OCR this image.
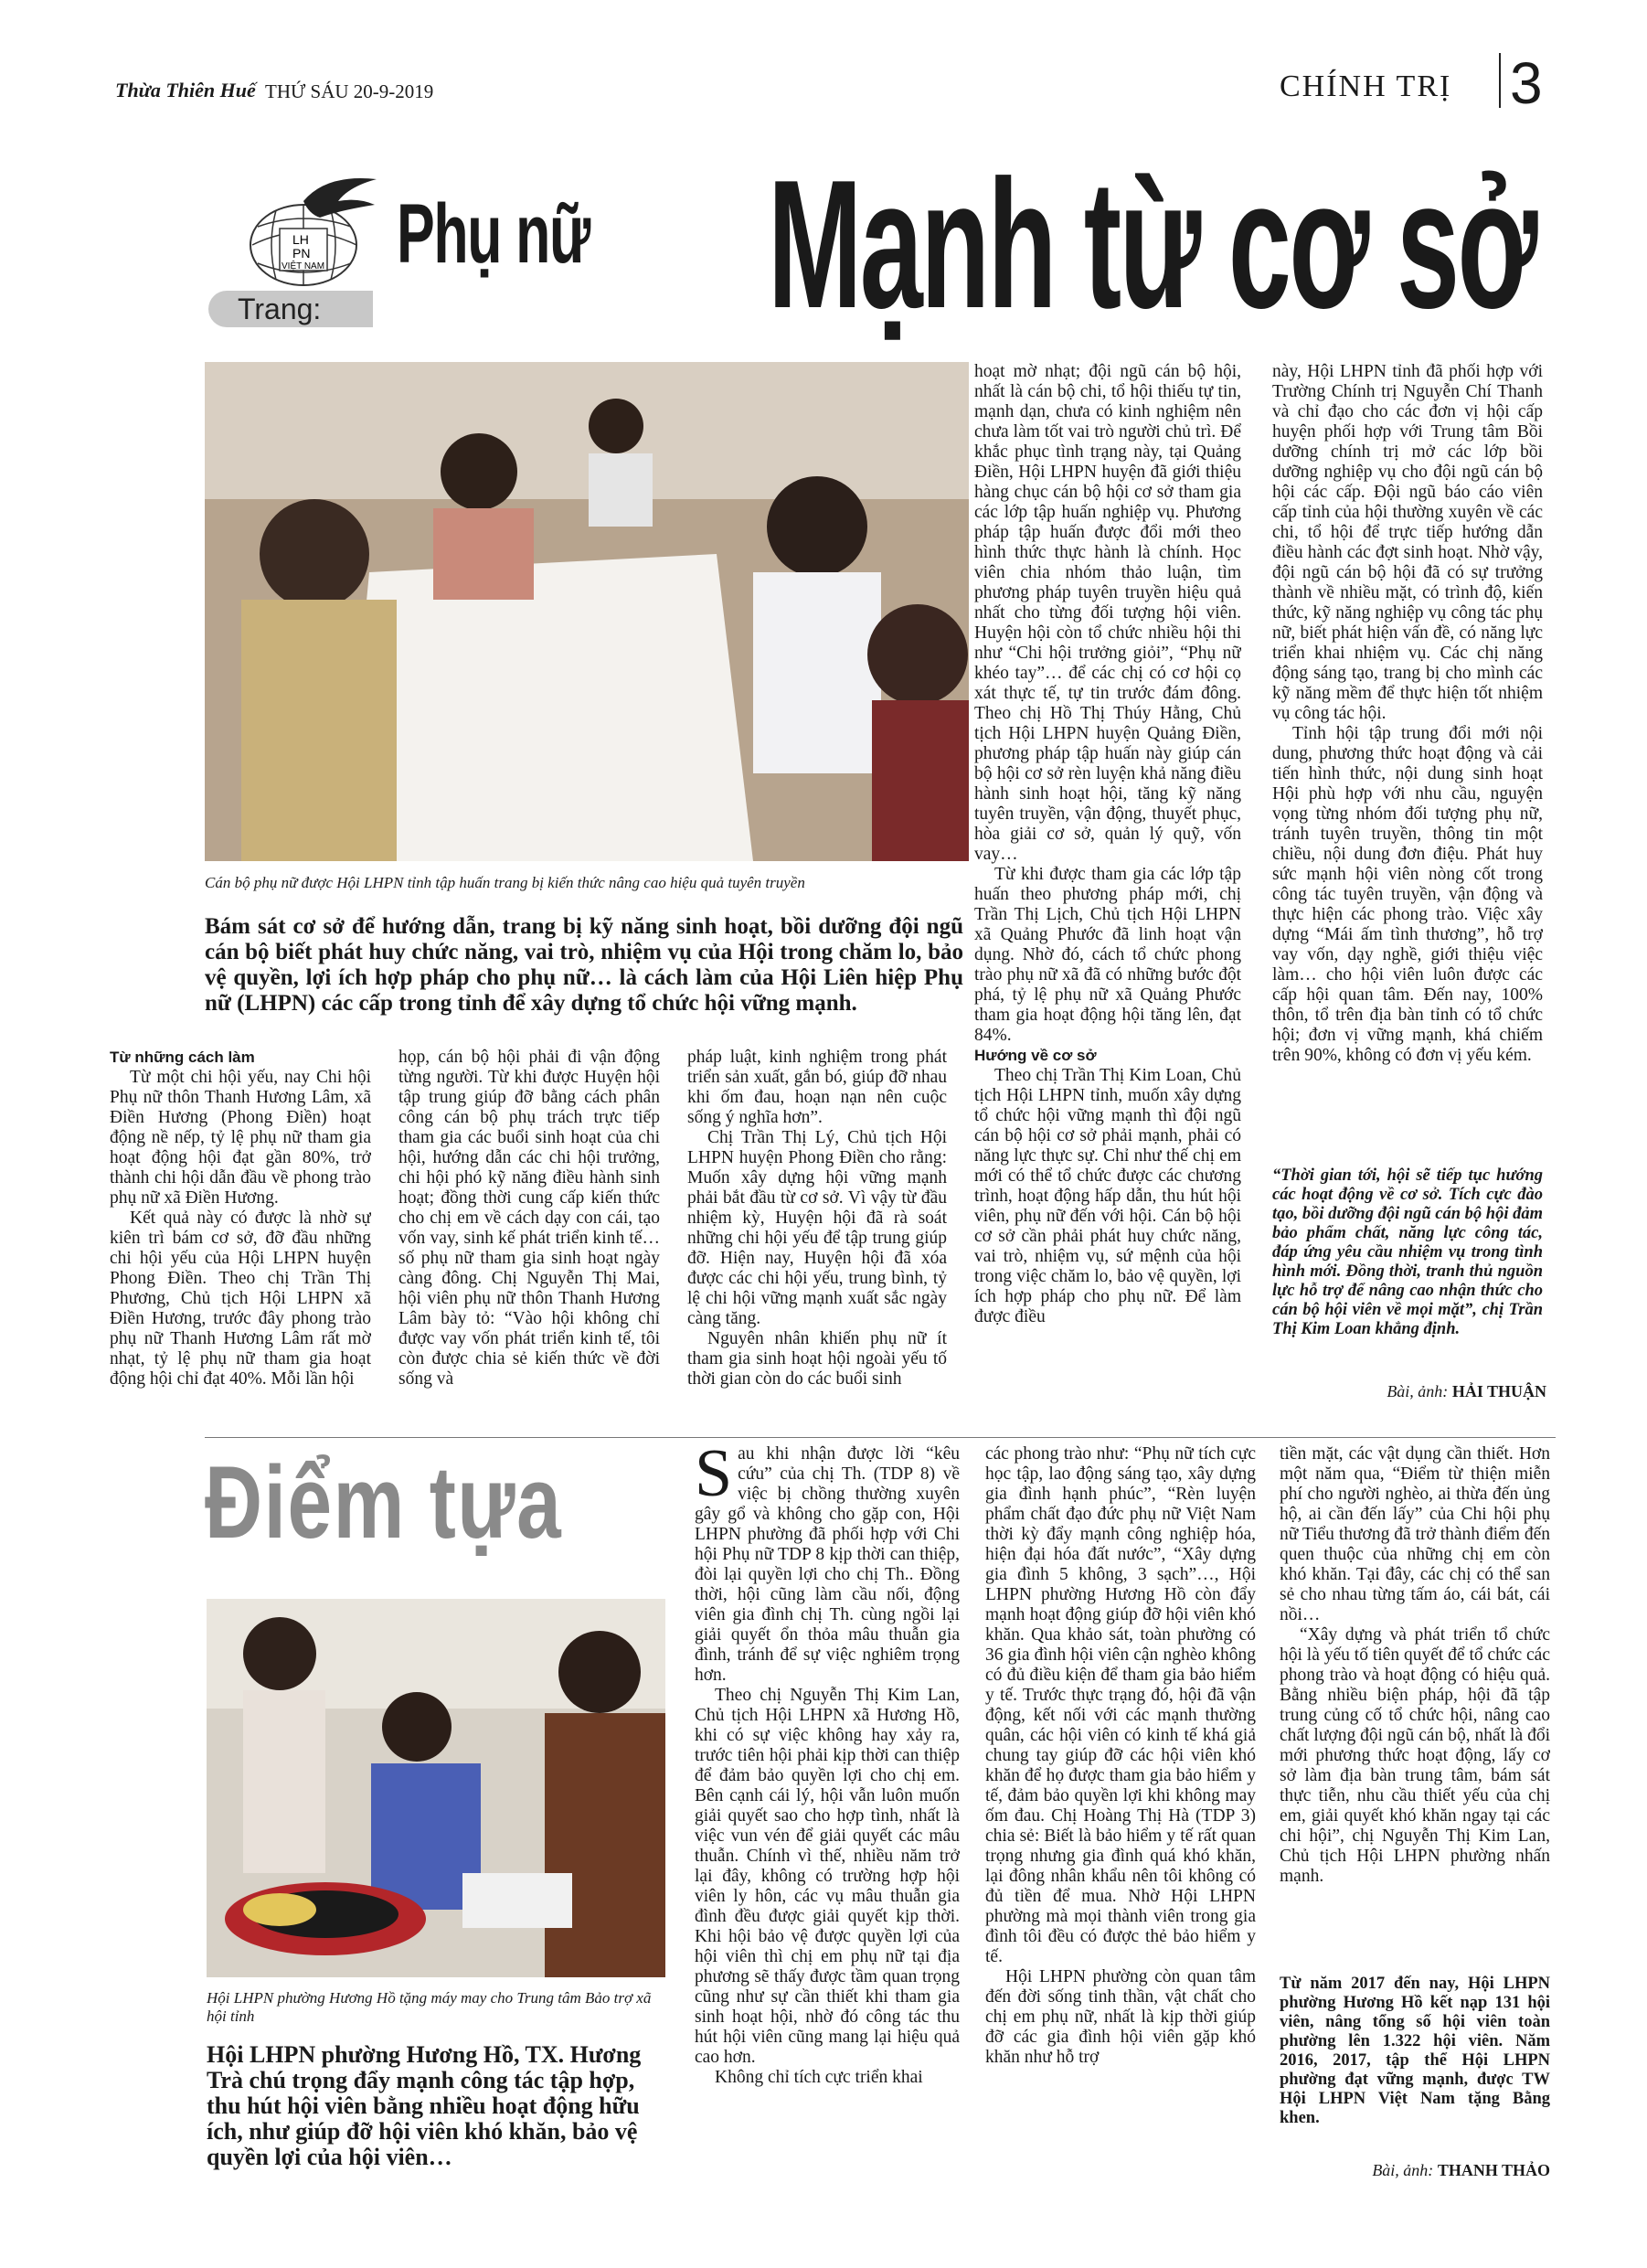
Thừa Thiên Huế THỨ SÁU 20-9-2019	CHÍNH TRỊ 3
LH
PN
VIỆT NAM
Trang:
Phụ nữ Mạnh từ cơ sở
Cán bộ phụ nữ được Hội LHPN tỉnh tập huấn trang bị kiến thức nâng cao hiệu quả tuyên truyền
Bám sát cơ sở để hướng dẫn, trang bị kỹ năng sinh hoạt, bồi dưỡng đội ngũ cán bộ biết phát huy chức năng, vai trò, nhiệm vụ của Hội trong chăm lo, bảo vệ quyền, lợi ích hợp pháp cho phụ nữ… là cách làm của Hội Liên hiệp Phụ nữ (LHPN) các cấp trong tỉnh để xây dựng tổ chức hội vững mạnh.

Từ những cách làm

Từ một chi hội yếu, nay Chi hội Phụ nữ thôn Thanh Hương Lâm, xã Điền Hương (Phong Điền) hoạt động nề nếp, tỷ lệ phụ nữ tham gia hoạt động hội đạt gần 80%, trở thành chi hội dẫn đầu về phong trào phụ nữ xã Điền Hương.

Kết quả này có được là nhờ sự kiên trì bám cơ sở, đỡ đầu những chi hội yếu của Hội LHPN huyện Phong Điền. Theo chị Trần Thị Phương, Chủ tịch Hội LHPN xã Điền Hương, trước đây phong trào phụ nữ Thanh Hương Lâm rất mờ nhạt, tỷ lệ phụ nữ tham gia hoạt động hội chỉ đạt 40%. Mỗi lần hội

họp, cán bộ hội phải đi vận động từng người. Từ khi được Huyện hội tập trung giúp đỡ bằng cách phân công cán bộ phụ trách trực tiếp tham gia các buổi sinh hoạt của chi hội, hướng dẫn các chi hội trưởng, chi hội phó kỹ năng điều hành sinh hoạt; đồng thời cung cấp kiến thức cho chị em về cách dạy con cái, tạo vốn vay, sinh kế phát triển kinh tế… số phụ nữ tham gia sinh hoạt ngày càng đông. Chị Nguyễn Thị Mai, hội viên phụ nữ thôn Thanh Hương Lâm bày tỏ: “Vào hội không chỉ được vay vốn phát triển kinh tế, tôi còn được chia sẻ kiến thức về đời sống và

pháp luật, kinh nghiệm trong phát triển sản xuất, gắn bó, giúp đỡ nhau khi ốm đau, hoạn nạn nên cuộc sống ý nghĩa hơn”.

Chị Trần Thị Lý, Chủ tịch Hội LHPN huyện Phong Điền cho rằng: Muốn xây dựng hội vững mạnh phải bắt đầu từ cơ sở. Vì vậy từ đầu nhiệm kỳ, Huyện hội đã rà soát những chi hội yếu để tập trung giúp đỡ. Hiện nay, Huyện hội đã xóa được các chi hội yếu, trung bình, tỷ lệ chi hội vững mạnh xuất sắc ngày càng tăng.

Nguyên nhân khiến phụ nữ ít tham gia sinh hoạt hội ngoài yếu tố thời gian còn do các buổi sinh

hoạt mờ nhạt; đội ngũ cán bộ hội, nhất là cán bộ chi, tổ hội thiếu tự tin, mạnh dạn, chưa có kinh nghiệm nên chưa làm tốt vai trò người chủ trì. Để khắc phục tình trạng này, tại Quảng Điền, Hội LHPN huyện đã giới thiệu hàng chục cán bộ hội cơ sở tham gia các lớp tập huấn nghiệp vụ. Phương pháp tập huấn được đổi mới theo hình thức thực hành là chính. Học viên chia nhóm thảo luận, tìm phương pháp tuyên truyền hiệu quả nhất cho từng đối tượng hội viên. Huyện hội còn tổ chức nhiều hội thi như “Chi hội trưởng giỏi”, “Phụ nữ khéo tay”… để các chị có cơ hội cọ xát thực tế, tự tin trước đám đông. Theo chị Hồ Thị Thúy Hằng, Chủ tịch Hội LHPN huyện Quảng Điền, phương pháp tập huấn này giúp cán bộ hội cơ sở rèn luyện khả năng điều hành sinh hoạt hội, tăng kỹ năng tuyên truyền, vận động, thuyết phục, hòa giải cơ sở, quản lý quỹ, vốn vay…

Từ khi được tham gia các lớp tập huấn theo phương pháp mới, chị Trần Thị Lịch, Chủ tịch Hội LHPN xã Quảng Phước đã linh hoạt vận dụng. Nhờ đó, cách tổ chức phong trào phụ nữ xã đã có những bước đột phá, tỷ lệ phụ nữ xã Quảng Phước tham gia hoạt động hội tăng lên, đạt 84%.

Hướng về cơ sở

Theo chị Trần Thị Kim Loan, Chủ tịch Hội LHPN tỉnh, muốn xây dựng tổ chức hội vững mạnh thì đội ngũ cán bộ hội cơ sở phải mạnh, phải có năng lực thực sự. Chỉ như thế chị em mới có thể tổ chức được các chương trình, hoạt động hấp dẫn, thu hút hội viên, phụ nữ đến với hội. Cán bộ hội cơ sở cần phải phát huy chức năng, vai trò, nhiệm vụ, sứ mệnh của hội trong việc chăm lo, bảo vệ quyền, lợi ích hợp pháp cho phụ nữ. Để làm được điều

này, Hội LHPN tỉnh đã phối hợp với Trường Chính trị Nguyễn Chí Thanh và chỉ đạo cho các đơn vị hội cấp huyện phối hợp với Trung tâm Bồi dưỡng chính trị mở các lớp bồi dưỡng nghiệp vụ cho đội ngũ cán bộ hội các cấp. Đội ngũ báo cáo viên cấp tỉnh của hội thường xuyên về các chi, tổ hội để trực tiếp hướng dẫn điều hành các đợt sinh hoạt. Nhờ vậy, đội ngũ cán bộ hội đã có sự trưởng thành về nhiều mặt, có trình độ, kiến thức, kỹ năng nghiệp vụ công tác phụ nữ, biết phát hiện vấn đề, có năng lực triển khai nhiệm vụ. Các chị năng động sáng tạo, trang bị cho mình các kỹ năng mềm để thực hiện tốt nhiệm vụ công tác hội.

Tỉnh hội tập trung đổi mới nội dung, phương thức hoạt động và cải tiến hình thức, nội dung sinh hoạt Hội phù hợp với nhu cầu, nguyện vọng từng nhóm đối tượng phụ nữ, tránh tuyên truyền, thông tin một chiều, nội dung đơn điệu. Phát huy sức mạnh hội viên nòng cốt trong công tác tuyên truyền, vận động và thực hiện các phong trào. Việc xây dựng “Mái ấm tình thương”, hỗ trợ vay vốn, dạy nghề, giới thiệu việc làm… cho hội viên luôn được các cấp hội quan tâm. Đến nay, 100% thôn, tổ trên địa bàn tỉnh có tổ chức hội; đơn vị vững mạnh, khá chiếm trên 90%, không có đơn vị yếu kém.

“Thời gian tới, hội sẽ tiếp tục hướng các hoạt động về cơ sở. Tích cực đào tạo, bồi dưỡng đội ngũ cán bộ hội đảm bảo phẩm chất, năng lực công tác, đáp ứng yêu cầu nhiệm vụ trong tình hình mới. Đồng thời, tranh thủ nguồn lực hỗ trợ để nâng cao nhận thức cho cán bộ hội viên về mọi mặt”, chị Trần Thị Kim Loan khẳng định.

Bài, ảnh: HẢI THUẬN
Điểm tựa
Hội LHPN phường Hương Hồ tặng máy may cho Trung tâm Bảo trợ xã hội tỉnh
Hội LHPN phường Hương Hồ, TX. Hương Trà chú trọng đẩy mạnh công tác tập hợp, thu hút hội viên bằng nhiều hoạt động hữu ích, như giúp đỡ hội viên khó khăn, bảo vệ quyền lợi của hội viên…

Sau khi nhận được lời “kêu cứu” của chị Th. (TDP 8) về việc bị chồng thường xuyên gây gổ và không cho gặp con, Hội LHPN phường đã phối hợp với Chi hội Phụ nữ TDP 8 kịp thời can thiệp, đòi lại quyền lợi cho chị Th.. Đồng thời, hội cũng làm cầu nối, động viên gia đình chị Th. cùng ngồi lại giải quyết ổn thỏa mâu thuẫn gia đình, tránh để sự việc nghiêm trọng hơn.

Theo chị Nguyễn Thị Kim Lan, Chủ tịch Hội LHPN xã Hương Hồ, khi có sự việc không hay xảy ra, trước tiên hội phải kịp thời can thiệp để đảm bảo quyền lợi cho chị em. Bên cạnh cái lý, hội vẫn luôn muốn giải quyết sao cho hợp tình, nhất là việc vun vén để giải quyết các mâu thuẫn. Chính vì thế, nhiều năm trở lại đây, không có trường hợp hội viên ly hôn, các vụ mâu thuẫn gia đình đều được giải quyết kịp thời. Khi hội bảo vệ được quyền lợi của hội viên thì chị em phụ nữ tại địa phương sẽ thấy được tầm quan trọng cũng như sự cần thiết khi tham gia sinh hoạt hội, nhờ đó công tác thu hút hội viên cũng mang lại hiệu quả cao hơn.

Không chỉ tích cực triển khai

các phong trào như: “Phụ nữ tích cực học tập, lao động sáng tạo, xây dựng gia đình hạnh phúc”, “Rèn luyện phẩm chất đạo đức phụ nữ Việt Nam thời kỳ đẩy mạnh công nghiệp hóa, hiện đại hóa đất nước”, “Xây dựng gia đình 5 không, 3 sạch”…, Hội LHPN phường Hương Hồ còn đẩy mạnh hoạt động giúp đỡ hội viên khó khăn. Qua khảo sát, toàn phường có 36 gia đình hội viên cận nghèo không có đủ điều kiện để tham gia bảo hiểm y tế. Trước thực trạng đó, hội đã vận động, kết nối với các mạnh thường quân, các hội viên có kinh tế khá giả chung tay giúp đỡ các hội viên khó khăn để họ được tham gia bảo hiểm y tế, đảm bảo quyền lợi khi không may ốm đau. Chị Hoàng Thị Hà (TDP 3) chia sẻ: Biết là bảo hiểm y tế rất quan trọng nhưng gia đình quá khó khăn, lại đông nhân khẩu nên tôi không có đủ tiền để mua. Nhờ Hội LHPN phường mà mọi thành viên trong gia đình tôi đều có được thẻ bảo hiểm y tế.

Hội LHPN phường còn quan tâm đến đời sống tinh thần, vật chất cho chị em phụ nữ, nhất là kịp thời giúp đỡ các gia đình hội viên gặp khó khăn như hỗ trợ

tiền mặt, các vật dụng cần thiết. Hơn một năm qua, “Điểm từ thiện miễn phí cho người nghèo, ai thừa đến ủng hộ, ai cần đến lấy” của Chi hội phụ nữ Tiểu thương đã trở thành điểm đến quen thuộc của những chị em còn khó khăn. Tại đây, các chị có thể san sẻ cho nhau từng tấm áo, cái bát, cái nồi…

“Xây dựng và phát triển tổ chức hội là yếu tố tiên quyết để tổ chức các phong trào và hoạt động có hiệu quả. Bằng nhiều biện pháp, hội đã tập trung củng cố tổ chức hội, nâng cao chất lượng đội ngũ cán bộ, nhất là đổi mới phương thức hoạt động, lấy cơ sở làm địa bàn trung tâm, bám sát thực tiễn, nhu cầu thiết yếu của chị em, giải quyết khó khăn ngay tại các chi hội”, chị Nguyễn Thị Kim Lan, Chủ tịch Hội LHPN phường nhấn mạnh.

Từ năm 2017 đến nay, Hội LHPN phường Hương Hồ kết nạp 131 hội viên, nâng tổng số hội viên toàn phường lên 1.322 hội viên. Năm 2016, 2017, tập thể Hội LHPN phường đạt vững mạnh, được TW Hội LHPN Việt Nam tặng Bằng khen.

Bài, ảnh: THANH THẢO
